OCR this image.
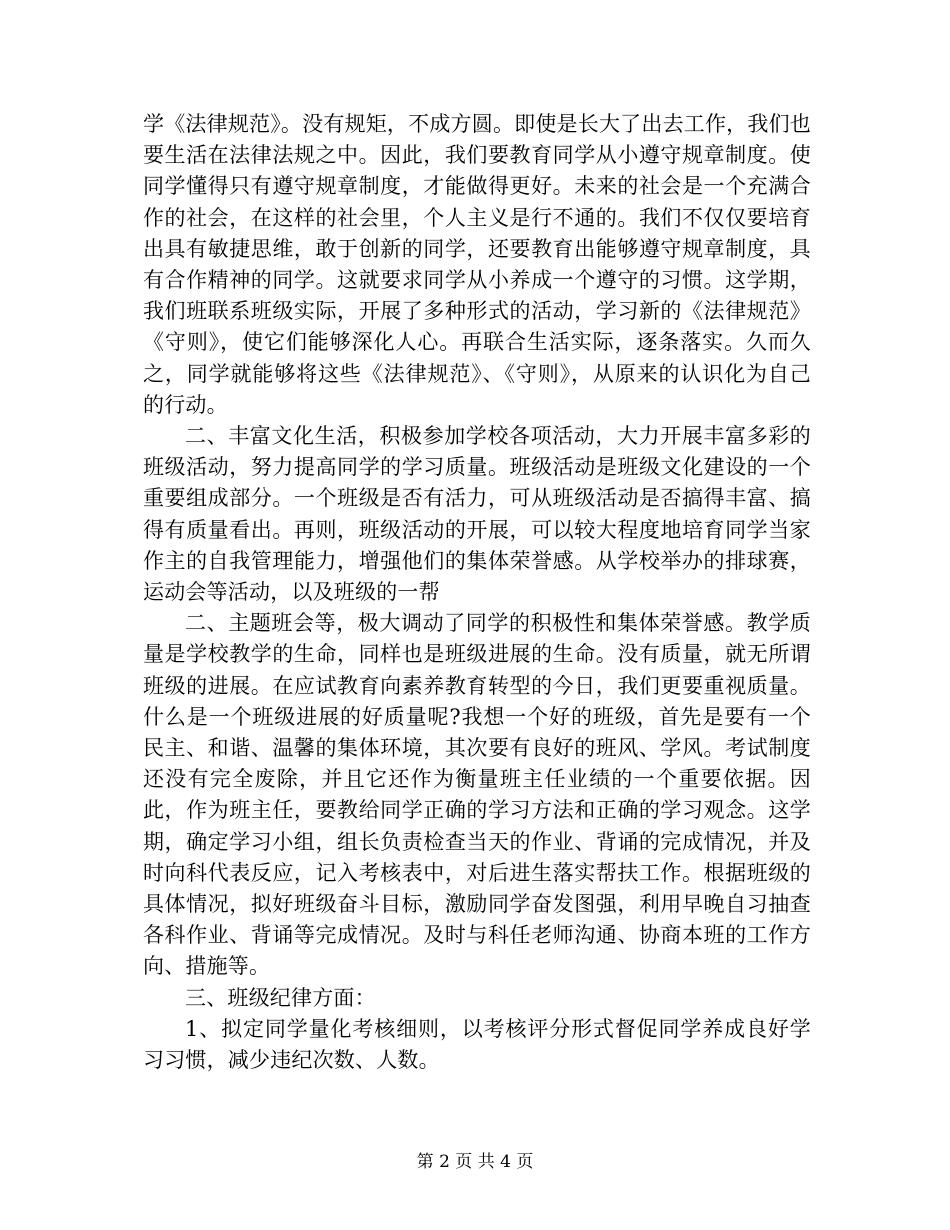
学《法律规范》。没有规矩，不成方圆。即使是长大了出去工作，我们也要生活在法律法规之中。因此，我们要教育同学从小遵守规章制度。使同学懂得只有遵守规章制度，才能做得更好。未来的社会是一个充满合作的社会，在这样的社会里，个人主义是行不通的。我们不仅仅要培育出具有敏捷思维，敢于创新的同学，还要教育出能够遵守规章制度，具有合作精神的同学。这就要求同学从小养成一个遵守的习惯。这学期，我们班联系班级实际，开展了多种形式的活动，学习新的《法律规范》《守则》，使它们能够深化人心。再联合生活实际，逐条落实。久而久之，同学就能够将这些《法律规范》、《守则》，从原来的认识化为自己的行动。

二、丰富文化生活，积极参加学校各项活动，大力开展丰富多彩的班级活动，努力提高同学的学习质量。班级活动是班级文化建设的一个重要组成部分。一个班级是否有活力，可从班级活动是否搞得丰富、搞得有质量看出。再则，班级活动的开展，可以较大程度地培育同学当家作主的自我管理能力，增强他们的集体荣誉感。从学校举办的排球赛，运动会等活动，以及班级的一帮

二、主题班会等，极大调动了同学的积极性和集体荣誉感。教学质量是学校教学的生命，同样也是班级进展的生命。没有质量，就无所谓班级的进展。在应试教育向素养教育转型的今日，我们更要重视质量。什么是一个班级进展的好质量呢?我想一个好的班级，首先是要有一个民主、和谐、温馨的集体环境，其次要有良好的班风、学风。考试制度还没有完全废除，并且它还作为衡量班主任业绩的一个重要依据。因此，作为班主任，要教给同学正确的学习方法和正确的学习观念。这学期，确定学习小组，组长负责检查当天的作业、背诵的完成情况，并及时向科代表反应，记入考核表中，对后进生落实帮扶工作。根据班级的具体情况，拟好班级奋斗目标，激励同学奋发图强，利用早晚自习抽查各科作业、背诵等完成情况。及时与科任老师沟通、协商本班的工作方向、措施等。

三、班级纪律方面：

1、拟定同学量化考核细则，以考核评分形式督促同学养成良好学习习惯，减少违纪次数、人数。

第 2 页 共 4 页
